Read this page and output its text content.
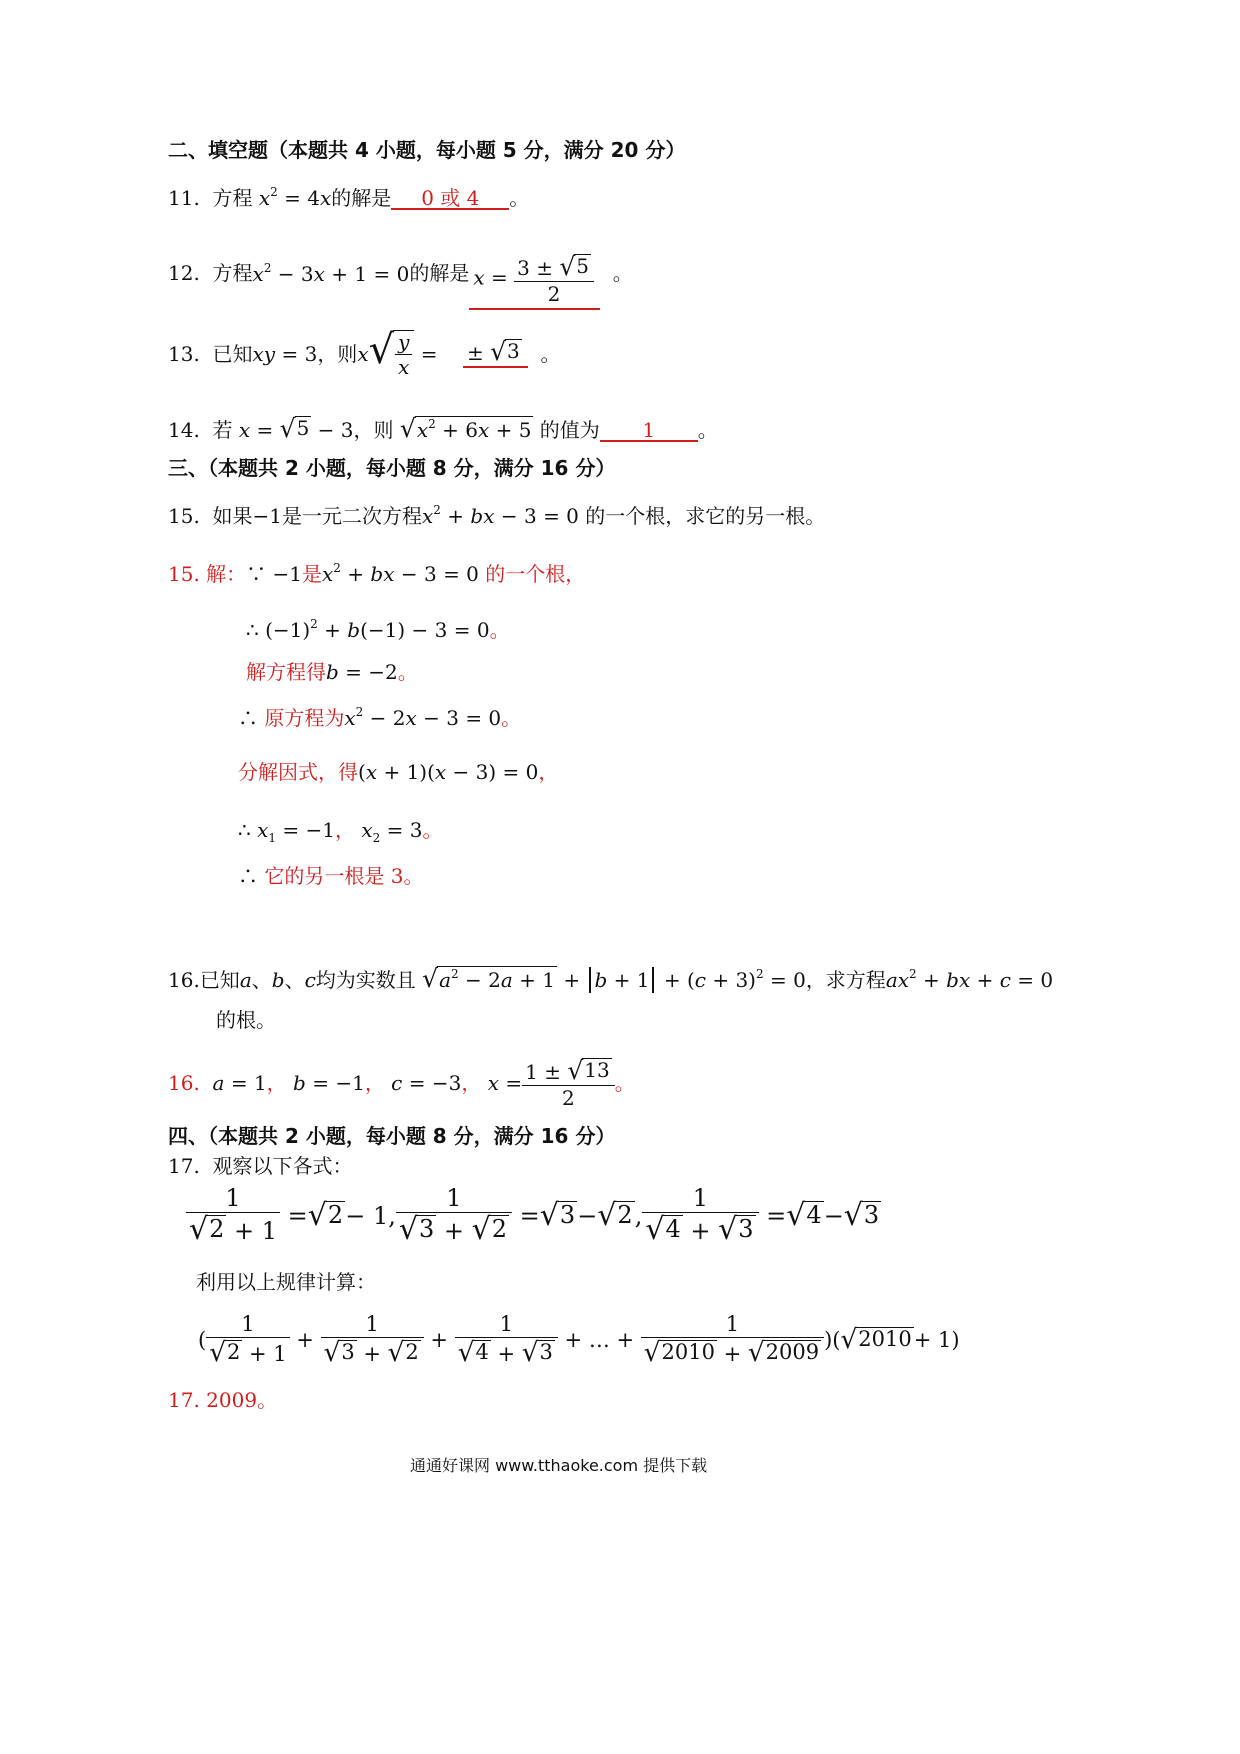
二、填空题（本题共 4 小题，每小题 5 分，满分 20 分）
11. 方程 $x^2 = 4x$的解是 0 或 4 。
12.
方程 $x^2 - 3x + 1 = 0$ 的解是 $x = \frac{3 \pm √ 5}{2}$
。
13.
已知 xy = 3 ，则 x √ $\frac{y}{x}$ = ± √ 3
。
14. 若 x = √ 5 − 3，则 √ $x^2 + 6x + 5$ 的值为 1 。
三、（本题共 2 小题，每小题 8 分，满分 16 分）
15. 如果−1是一元二次方程$x^2$ + bx − 3 = 0 的一个根，求它的另一根。
15. 解：∵ −1是$x^2$ + bx − 3 = 0 的一个根，
∴ $(-1)^2 + b(-1) - 3 = 0$。
解方程得b = −2。
∴ 原方程为$x^2 - 2x - 3 = 0$。
分解因式，得(x + 1)(x − 3) = 0，
∴ $x_1 = -1$， $x_2 = 3$。
∴ 它的另一根是 3。
16.已知a、b、c均为实数且 √ $a^2 - 2a + 1 + b + 1 + (c + 3)^2 = 0$，求方程$ax^2$ + bx + c = 0
的根。
16.
a = 1 ，
b = −1 ，
c = −3 ，
$x = \frac{1 \pm √ 13}{2}$ 。
四、（本题共 2 小题，每小题 8 分，满分 16 分）
17. 观察以下各式：
$\frac{1}{√ 2 + 1}$ = √ 2 − 1, $\frac{1}{√ 3 + √ 2}$ = √ 3 − √ 2 , $\frac{1}{√ 4 + √ 3}$ = √ 4 − √ 3
利用以上规律计算：
( $\frac{1}{√ 2 + 1} + \frac{1}{√ 3 + √ 2} + \frac{1}{√ 4 + √ 3}$ + … + $\frac{1}{√ 2010 + √ 2009}$ )( √ 2010 + 1)
17. 2009。
通通好课网 www.tthaoke.com 提供下载
